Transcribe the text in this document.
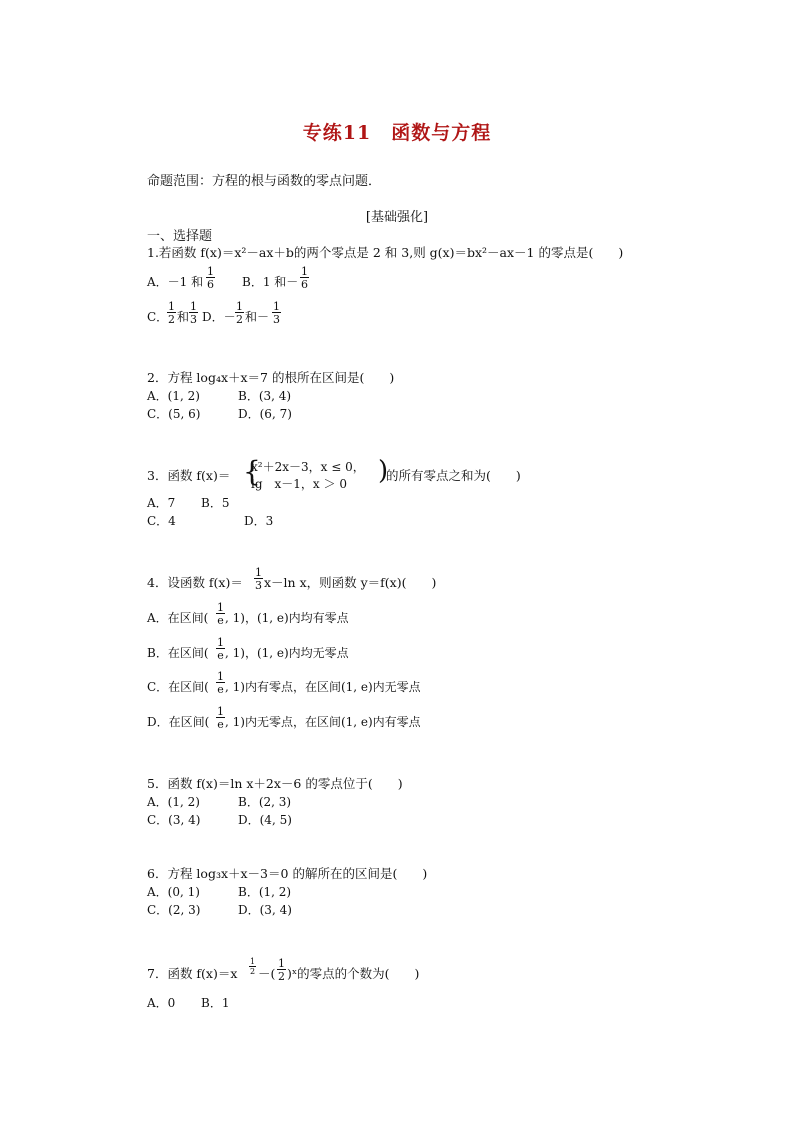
专练11　函数与方程
命题范围：方程的根与函数的零点问题．
[基础强化]
一、选择题
1.若函数 f(x)＝x²－ax＋b的两个零点是 2 和 3,则 g(x)＝bx²－ax－1 的零点是(　　)
A．－1 和 $\frac{1}{6}$ B．1 和－ $\frac{1}{6}$
C．
$\frac{1}{2}$ 和 $\frac{1}{3}$ D．－ $\frac{1}{2}$ 和－ $\frac{1}{3}$
2．方程 log₄x＋x＝7 的根所在区间是(　　)
A．(1, 2)	B．(3, 4)
C．(5, 6)	D．(6, 7)
3．函数 f(x)＝ {
x²＋2x－3，x ≤ 0，
lg　x－1，x ＞ 0 )
的所有零点之和为(　　)
A．7 B．5
C．4	D．3
4．设函数 $f(x)= \frac{1}{3} x-\ln$ x，则函数 y＝f(x)(　　)
A．在区间( $\frac{1}{e}$ , 1)，(1, e)内均有零点
B．在区间( $\frac{1}{e}$ , 1)，(1, e)内均无零点
C．在区间( $\frac{1}{e}$ , 1)内有零点，在区间(1, e)内无零点
D．在区间( $\frac{1}{e}$ , 1)内无零点，在区间(1, e)内有零点
5．函数 f(x)＝ln x＋2x－6 的零点位于(　　)
A．(1, 2)	B．(2, 3)
C．(3, 4)	D．(4, 5)
6．方程 log₃x＋x－3＝0 的解所在的区间是(　　)
A．(0, 1)	B．(1, 2)
C．(2, 3)	D．(3, 4)
7．函数 $f(x)=x \frac{1}{2}$ －( $\frac{1}{2}$ )ˣ的零点的个数为(　　)
A．0 B．1
